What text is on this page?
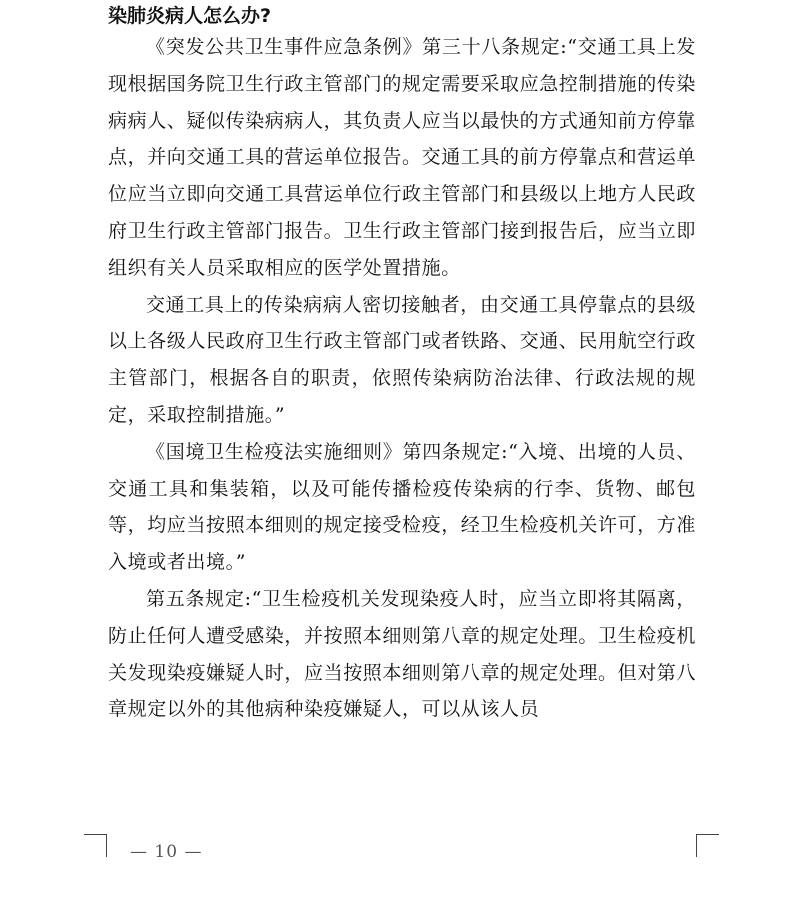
染肺炎病人怎么办?

《突发公共卫生事件应急条例》第三十八条规定:“交通工具上发现根据国务院卫生行政主管部门的规定需要采取应急控制措施的传染病病人、疑似传染病病人，其负责人应当以最快的方式通知前方停靠点，并向交通工具的营运单位报告。交通工具的前方停靠点和营运单位应当立即向交通工具营运单位行政主管部门和县级以上地方人民政府卫生行政主管部门报告。卫生行政主管部门接到报告后，应当立即组织有关人员采取相应的医学处置措施。

交通工具上的传染病病人密切接触者，由交通工具停靠点的县级以上各级人民政府卫生行政主管部门或者铁路、交通、民用航空行政主管部门，根据各自的职责，依照传染病防治法律、行政法规的规定，采取控制措施。”

《国境卫生检疫法实施细则》第四条规定:“入境、出境的人员、交通工具和集装箱，以及可能传播检疫传染病的行李、货物、邮包等，均应当按照本细则的规定接受检疫，经卫生检疫机关许可，方准入境或者出境。”

第五条规定:“卫生检疫机关发现染疫人时，应当立即将其隔离，防止任何人遭受感染，并按照本细则第八章的规定处理。卫生检疫机关发现染疫嫌疑人时，应当按照本细则第八章的规定处理。但对第八章规定以外的其他病种染疫嫌疑人，可以从该人员

— 10 —
